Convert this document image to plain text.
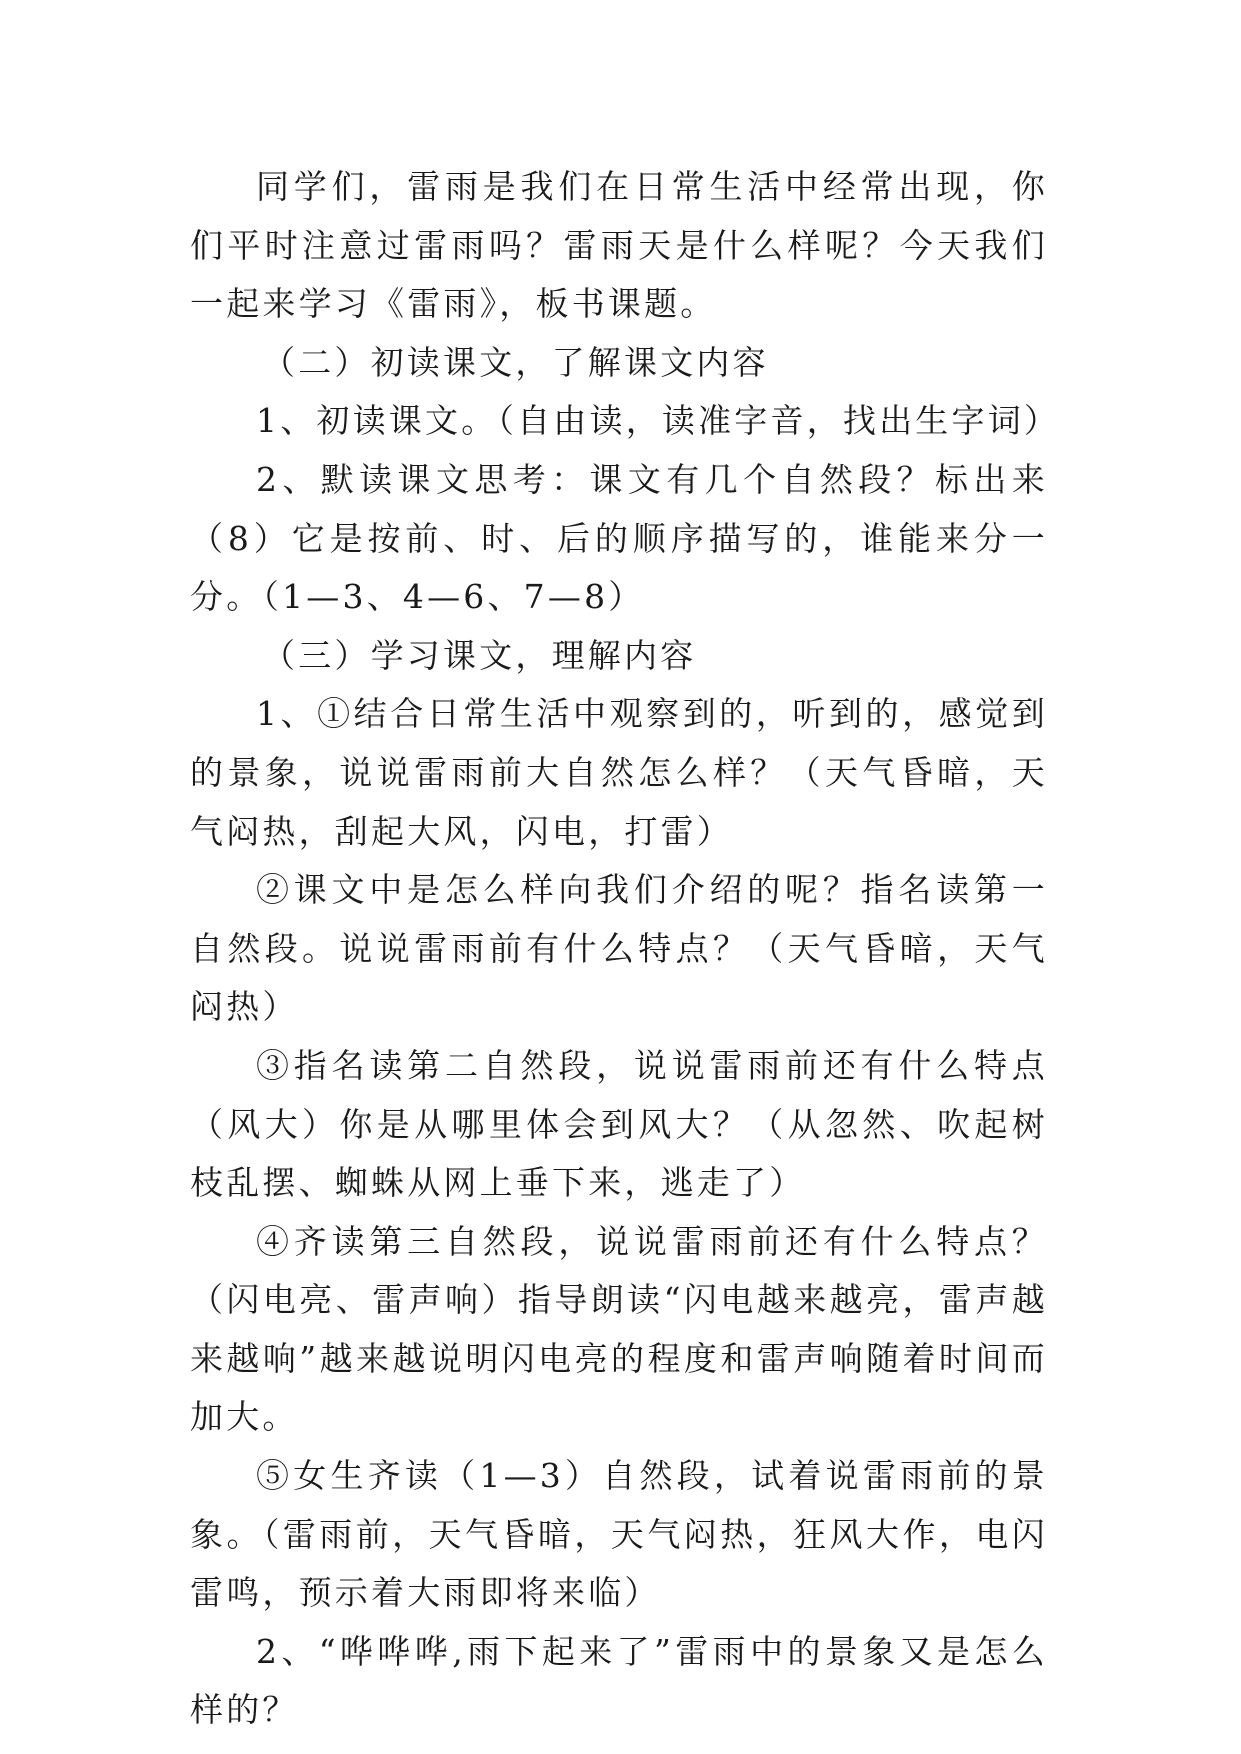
同学们，雷雨是我们在日常生活中经常出现，你们平时注意过雷雨吗？雷雨天是什么样呢？今天我们一起来学习《雷雨》，板书课题。

（二）初读课文，了解课文内容

1、初读课文。（自由读，读准字音，找出生字词）

2、默读课文思考：课文有几个自然段？标出来（8）它是按前、时、后的顺序描写的，谁能来分一分。（1—3、4—6、7—8）

（三）学习课文，理解内容

1、①结合日常生活中观察到的，听到的，感觉到的景象，说说雷雨前大自然怎么样？（天气昏暗，天气闷热，刮起大风，闪电，打雷）

②课文中是怎么样向我们介绍的呢？指名读第一自然段。说说雷雨前有什么特点？（天气昏暗，天气闷热）

③指名读第二自然段，说说雷雨前还有什么特点（风大）你是从哪里体会到风大？（从忽然、吹起树枝乱摆、蜘蛛从网上垂下来，逃走了）

④齐读第三自然段，说说雷雨前还有什么特点？（闪电亮、雷声响）指导朗读“闪电越来越亮，雷声越来越响”越来越说明闪电亮的程度和雷声响随着时间而加大。

⑤女生齐读（1—3）自然段，试着说雷雨前的景象。（雷雨前，天气昏暗，天气闷热，狂风大作，电闪雷鸣，预示着大雨即将来临）

2、“哗哗哗,雨下起来了”雷雨中的景象又是怎么样的？
